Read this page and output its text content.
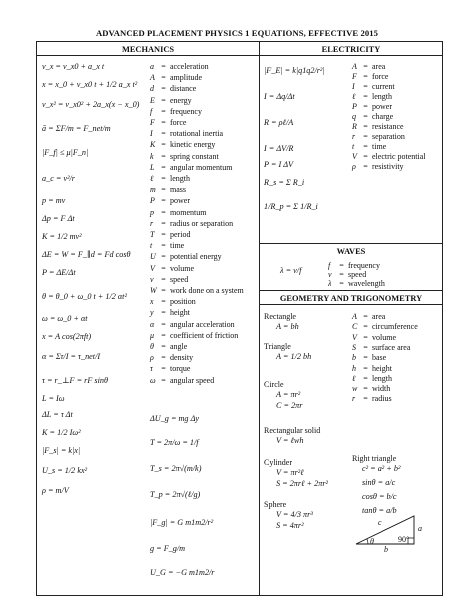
ADVANCED PLACEMENT PHYSICS 1 EQUATIONS, EFFECTIVE 2015
MECHANICS	ELECTRICITY
WAVES
GEOMETRY AND TRIGONOMETRY
v_x = v_x0 + a_x t
x = x_0 + v_x0 t + 1/2 a_x t²
v_x² = v_x0² + 2a_x(x − x_0)
ā = ΣF/m = F_net/m
|F_f| ≤ μ|F_n|
a_c = v²/r
p = mv
Δp = F Δt
K = 1/2 mv²
ΔE = W = F_∥d = Fd cosθ
P = ΔE/Δt
θ = θ_0 + ω_0 t + 1/2 αt²
ω = ω_0 + αt
x = A cos(2πft)
α = Στ/I = τ_net/I
τ = r_⊥F = rF sinθ
L = Iω
ΔL = τ Δt
K = 1/2 Iω²
|F_s| = k|x|
U_s = 1/2 kx²
ρ = m/V
a = acceleration
A = amplitude
d = distance
E = energy
f = frequency
F = force
I = rotational inertia
K = kinetic energy
k = spring constant
L = angular momentum
ℓ = length
m = mass
P = power
p = momentum
r = radius or separation
T = period
t = time
U = potential energy
V = volume
v = speed
W = work done on a system
x = position
y = height
α = angular acceleration
μ = coefficient of friction
θ = angle
ρ = density
τ = torque
ω = angular speed
ΔU_g = mg Δy
T = 2π/ω = 1/f
T_s = 2π√(m/k)
T_p = 2π√(ℓ/g)
|F_g| = G m1m2/r²
g = F_g/m
U_G = −G m1m2/r
|F_E| = k|q1q2/r²|
I = Δq/Δt
R = ρℓ/A
I = ΔV/R
P = I ΔV
R_s = Σ R_i
1/R_p = Σ 1/R_i
A = area
F = force
I = current
ℓ = length
P = power
q = charge
R = resistance
r = separation
t = time
V = electric potential
ρ = resistivity
λ = v/f
f = frequency
v = speed
λ = wavelength
Rectangle
A = bh
Triangle
A = 1/2 bh
Circle
A = πr²
C = 2πr
Rectangular solid
V = ℓwh
Cylinder
V = πr²ℓ
S = 2πrℓ + 2πr²
Sphere
V = 4/3 πr³
S = 4πr²
A = area
C = circumference
V = volume
S = surface area
b = base
h = height
ℓ = length
w = width
r = radius
Right triangle
c² = a² + b²
sinθ = a/c
cosθ = b/c
tanθ = a/b
c
a
b
θ	90°
